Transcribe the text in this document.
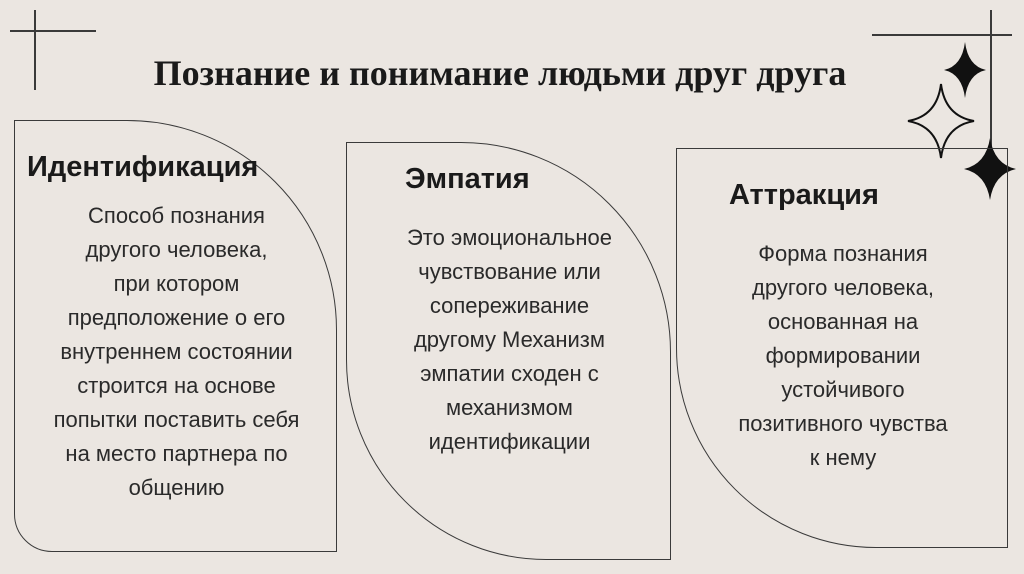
Познание и понимание людьми друг друга
Идентификация

Способ познания
другого человека,
при котором
предположение о его
внутреннем состоянии
строится на основе
попытки поставить себя
на место партнера по
общению

Эмпатия

Это эмоциональное
чувствование или
сопереживание
другому Механизм
эмпатии сходен с
механизмом
идентификации

Аттракция

Форма познания
другого человека,
основанная на
формировании
устойчивого
позитивного чувства
к нему
